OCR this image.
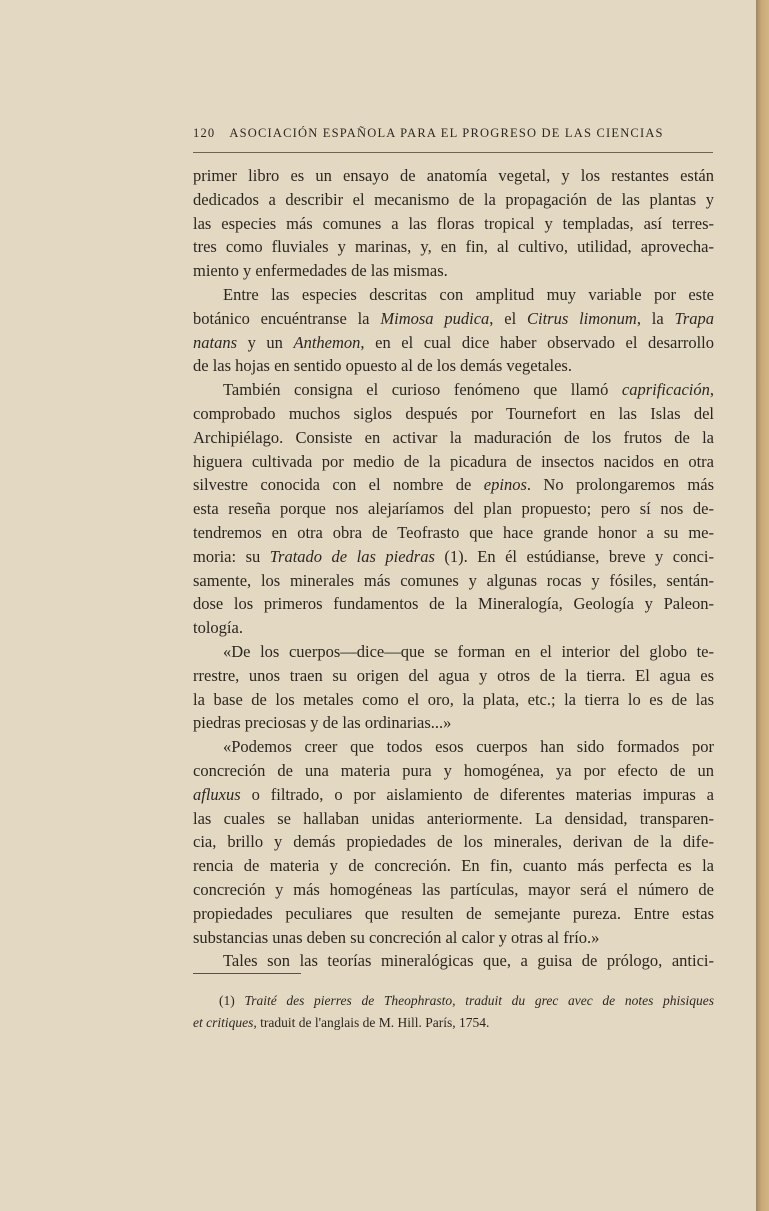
120 ASOCIACIÓN ESPAÑOLA PARA EL PROGRESO DE LAS CIENCIAS

primer libro es un ensayo de anatomía vegetal, y los restantes están
dedicados a describir el mecanismo de la propagación de las plantas y
las especies más comunes a las floras tropical y templadas, así terres-
tres como fluviales y marinas, y, en fin, al cultivo, utilidad, aprovecha-

miento y enfermedades de las mismas.

Entre las especies descritas con amplitud muy variable por este
botánico encuéntranse la Mimosa pudica, el Citrus limonum, la Trapa
natans y un Anthemon, en el cual dice haber observado el desarrollo

de las hojas en sentido opuesto al de los demás vegetales.

También consigna el curioso fenómeno que llamó caprificación,
comprobado muchos siglos después por Tournefort en las Islas del
Archipiélago. Consiste en activar la maduración de los frutos de la
higuera cultivada por medio de la picadura de insectos nacidos en otra
silvestre conocida con el nombre de epinos. No prolongaremos más
esta reseña porque nos alejaríamos del plan propuesto; pero sí nos de-
tendremos en otra obra de Teofrasto que hace grande honor a su me-
moria: su Tratado de las piedras (1). En él estúdianse, breve y conci-
samente, los minerales más comunes y algunas rocas y fósiles, sentán-
dose los primeros fundamentos de la Mineralogía, Geología y Paleon-

tología.

«De los cuerpos—dice—que se forman en el interior del globo te-
rrestre, unos traen su origen del agua y otros de la tierra. El agua es
la base de los metales como el oro, la plata, etc.; la tierra lo es de las

piedras preciosas y de las ordinarias...»

«Podemos creer que todos esos cuerpos han sido formados por
concreción de una materia pura y homogénea, ya por efecto de un
afluxus o filtrado, o por aislamiento de diferentes materias impuras a
las cuales se hallaban unidas anteriormente. La densidad, transparen-
cia, brillo y demás propiedades de los minerales, derivan de la dife-
rencia de materia y de concreción. En fin, cuanto más perfecta es la
concreción y más homogéneas las partículas, mayor será el número de
propiedades peculiares que resulten de semejante pureza. Entre estas

substancias unas deben su concreción al calor y otras al frío.»

Tales son las teorías mineralógicas que, a guisa de prólogo, antici-

(1) Traité des pierres de Theophrasto, traduit du grec avec de notes phisiques

et critiques, traduit de l'anglais de M. Hill. París, 1754.
